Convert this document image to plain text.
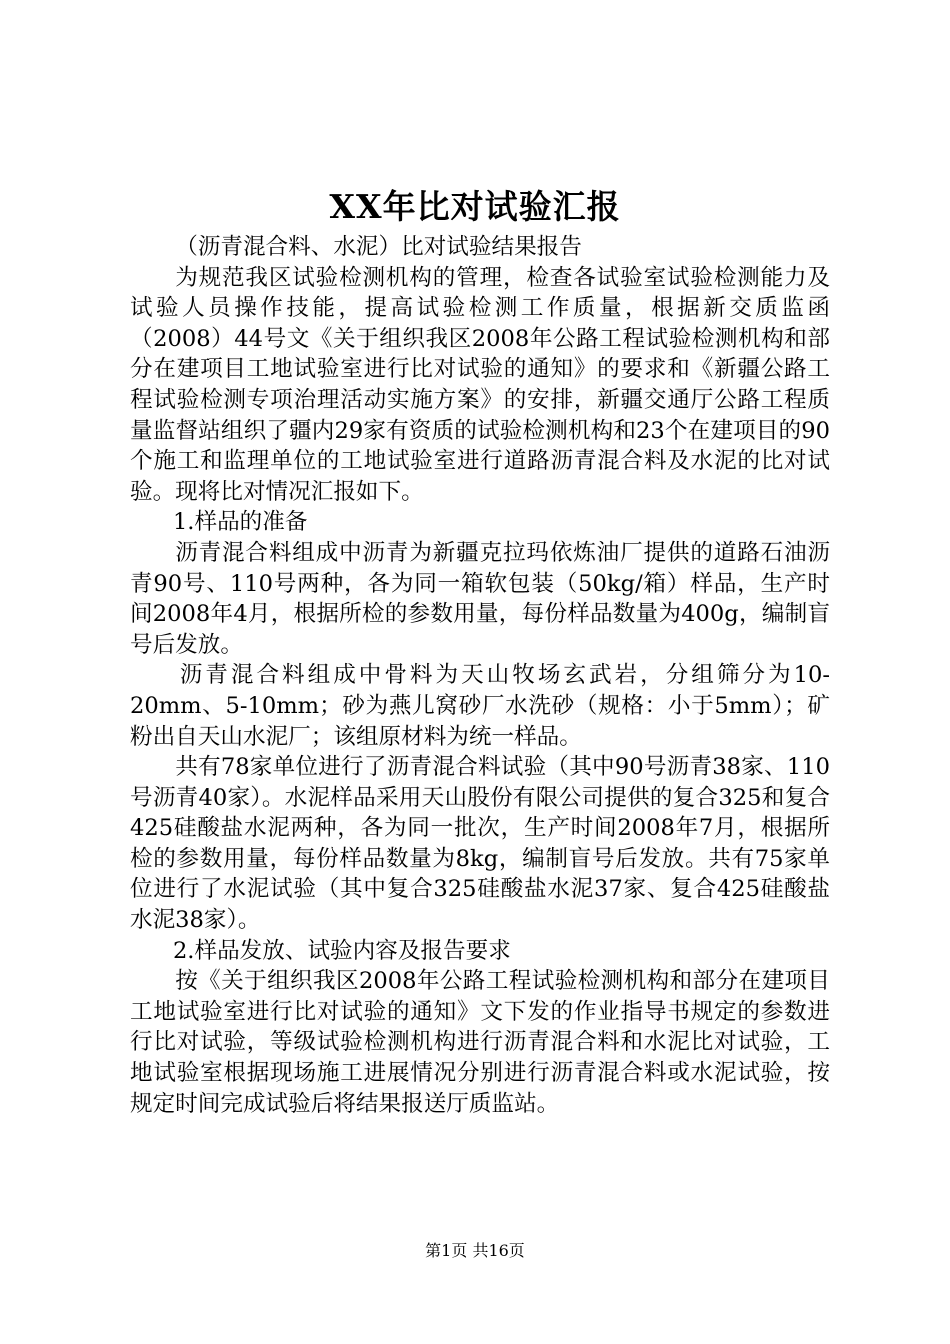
XX年比对试验汇报

（沥青混合料、水泥）比对试验结果报告

为规范我区试验检测机构的管理，检查各试验室试验检测能力及试验人员操作技能，提高试验检测工作质量，根据新交质监函（2008）44号文《关于组织我区2008年公路工程试验检测机构和部分在建项目工地试验室进行比对试验的通知》的要求和《新疆公路工程试验检测专项治理活动实施方案》的安排，新疆交通厅公路工程质量监督站组织了疆内29家有资质的试验检测机构和23个在建项目的90个施工和监理单位的工地试验室进行道路沥青混合料及水泥的比对试验。现将比对情况汇报如下。

1.样品的准备

沥青混合料组成中沥青为新疆克拉玛依炼油厂提供的道路石油沥青90号、110号两种，各为同一箱软包装（50kg/箱）样品，生产时间2008年4月，根据所检的参数用量，每份样品数量为400g，编制盲号后发放。

沥青混合料组成中骨料为天山牧场玄武岩，分组筛分为10-20mm、5-10mm；砂为燕儿窝砂厂水洗砂（规格：小于5mm）；矿粉出自天山水泥厂；该组原材料为统一样品。

共有78家单位进行了沥青混合料试验（其中90号沥青38家、110号沥青40家）。水泥样品采用天山股份有限公司提供的复合325和复合425硅酸盐水泥两种，各为同一批次，生产时间2008年7月，根据所检的参数用量，每份样品数量为8kg，编制盲号后发放。共有75家单位进行了水泥试验（其中复合325硅酸盐水泥37家、复合425硅酸盐水泥38家）。

2.样品发放、试验内容及报告要求

按《关于组织我区2008年公路工程试验检测机构和部分在建项目工地试验室进行比对试验的通知》文下发的作业指导书规定的参数进行比对试验，等级试验检测机构进行沥青混合料和水泥比对试验，工地试验室根据现场施工进展情况分别进行沥青混合料或水泥试验，按规定时间完成试验后将结果报送厅质监站。

第1页 共16页
